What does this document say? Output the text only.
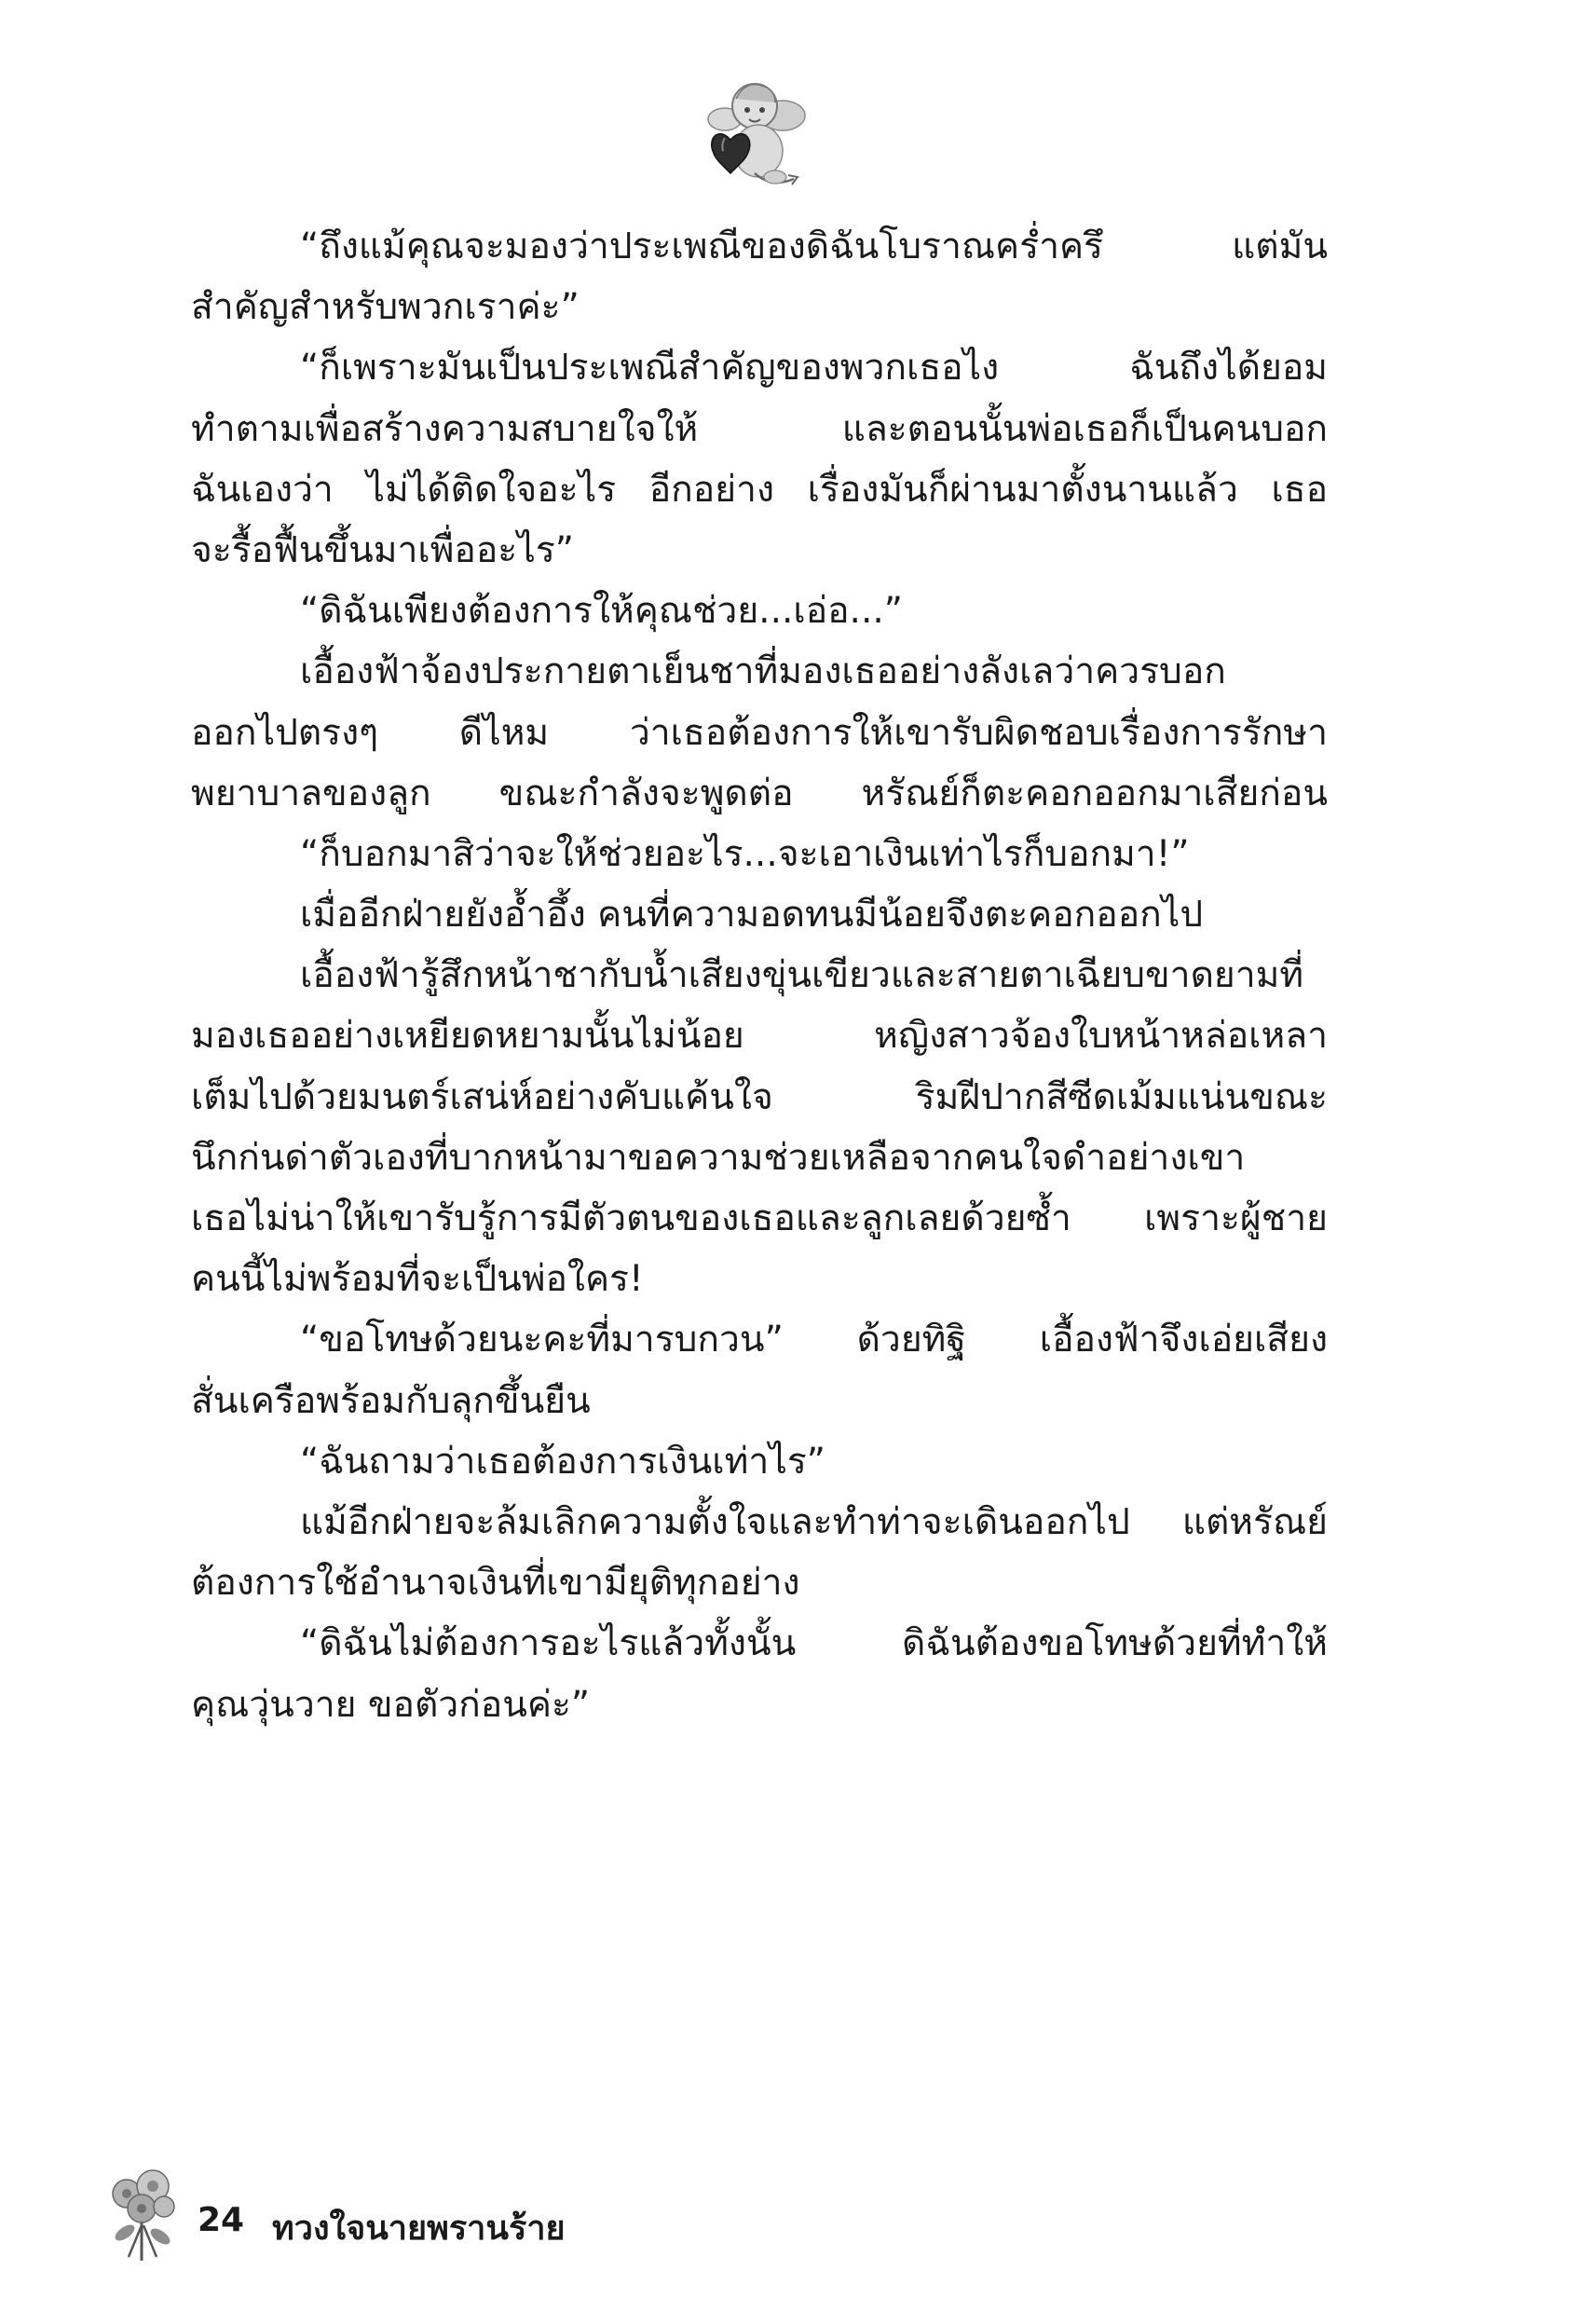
“ถึงแม้คุณจะมองว่าประเพณีของดิฉันโบราณคร่ำครึ แต่มัน
สำคัญสำหรับพวกเราค่ะ”
“ก็เพราะมันเป็นประเพณีสำคัญของพวกเธอไง ฉันถึงได้ยอม
ทำตามเพื่อสร้างความสบายใจให้ และตอนนั้นพ่อเธอก็เป็นคนบอก
ฉันเองว่า ไม่ได้ติดใจอะไร อีกอย่าง เรื่องมันก็ผ่านมาตั้งนานแล้ว เธอ
จะรื้อฟื้นขึ้นมาเพื่ออะไร”
“ดิฉันเพียงต้องการให้คุณช่วย...เอ่อ...”
เอื้องฟ้าจ้องประกายตาเย็นชาที่มองเธออย่างลังเลว่าควรบอก
ออกไปตรงๆ ดีไหม ว่าเธอต้องการให้เขารับผิดชอบเรื่องการรักษา
พยาบาลของลูก ขณะกำลังจะพูดต่อ หรัณย์ก็ตะคอกออกมาเสียก่อน
“ก็บอกมาสิว่าจะให้ช่วยอะไร...จะเอาเงินเท่าไรก็บอกมา!”
เมื่ออีกฝ่ายยังอ้ำอึ้ง คนที่ความอดทนมีน้อยจึงตะคอกออกไป
เอื้องฟ้ารู้สึกหน้าชากับน้ำเสียงขุ่นเขียวและสายตาเฉียบขาดยามที่
มองเธออย่างเหยียดหยามนั้นไม่น้อย หญิงสาวจ้องใบหน้าหล่อเหลา
เต็มไปด้วยมนตร์เสน่ห์อย่างคับแค้นใจ ริมฝีปากสีซีดเม้มแน่นขณะ
นึกก่นด่าตัวเองที่บากหน้ามาขอความช่วยเหลือจากคนใจดำอย่างเขา
เธอไม่น่าให้เขารับรู้การมีตัวตนของเธอและลูกเลยด้วยซ้ำ เพราะผู้ชาย
คนนี้ไม่พร้อมที่จะเป็นพ่อใคร!
“ขอโทษด้วยนะคะที่มารบกวน” ด้วยทิฐิ เอื้องฟ้าจึงเอ่ยเสียง
สั่นเครือพร้อมกับลุกขึ้นยืน
“ฉันถามว่าเธอต้องการเงินเท่าไร”
แม้อีกฝ่ายจะล้มเลิกความตั้งใจและทำท่าจะเดินออกไป แต่หรัณย์
ต้องการใช้อำนาจเงินที่เขามียุติทุกอย่าง
“ดิฉันไม่ต้องการอะไรแล้วทั้งนั้น ดิฉันต้องขอโทษด้วยที่ทำให้
คุณวุ่นวาย ขอตัวก่อนค่ะ”
24 ทวงใจนายพรานร้าย
